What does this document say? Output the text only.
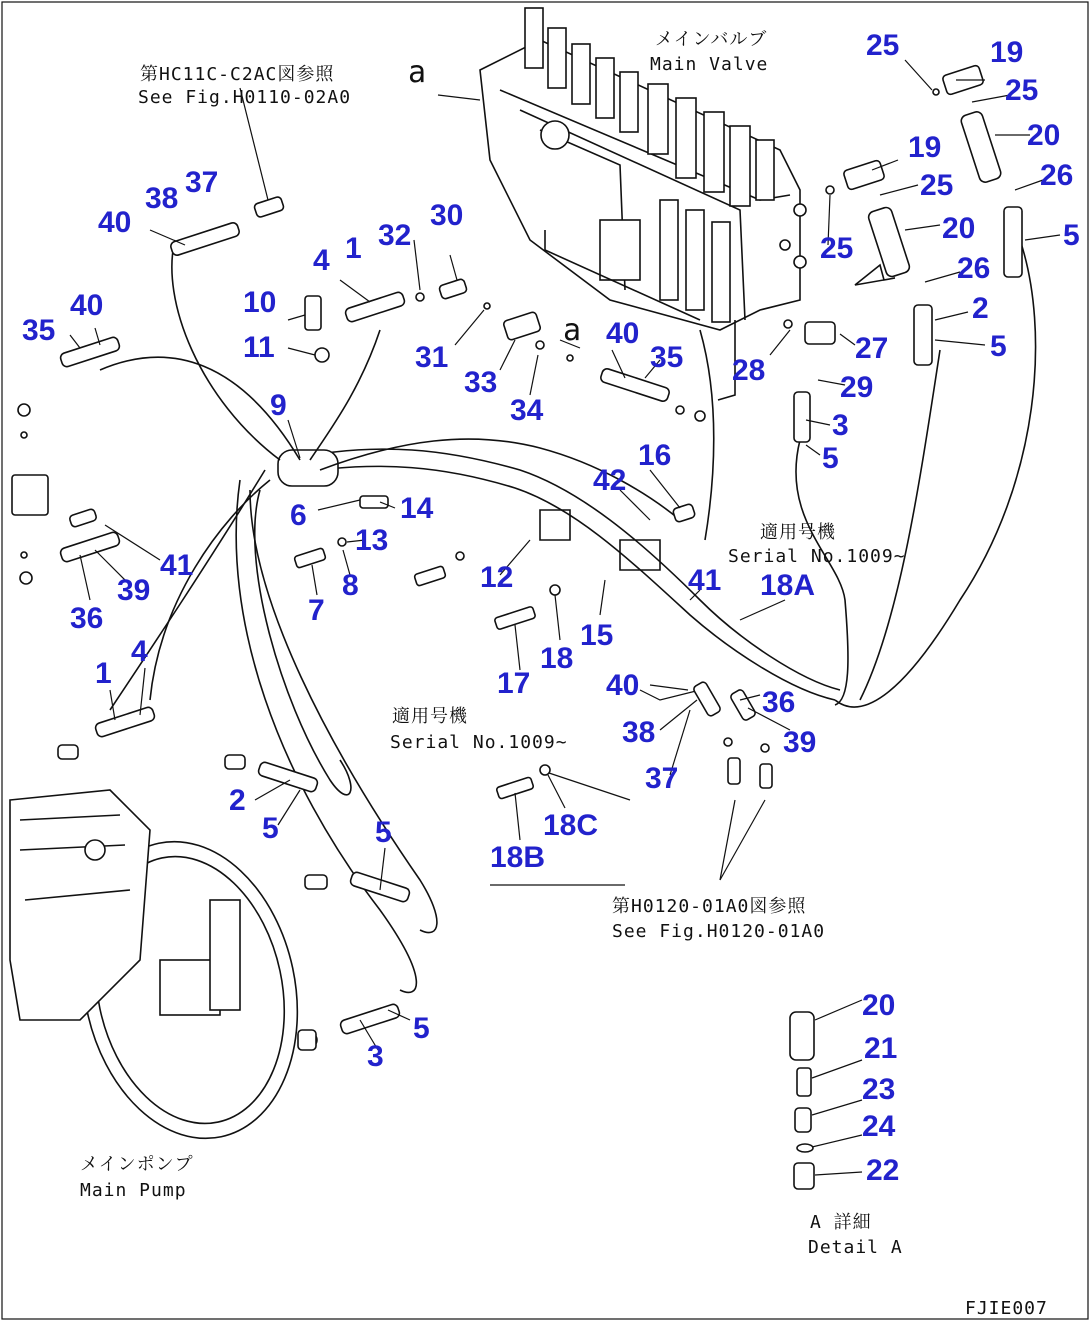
25	19
25
20
19
25	26
5
20
25
26
2
5
27
28
29
3
5
40
38 37
4 1 32
30
10
11	31
33
34
40
35
35
40
9
6	14
13
16
42
41
39
36	7
8	12	41 18A
17
18
15
40
36
39
38
37
1
4
2
5	5	18C
18B
5
3
20
21
23
24
22
a
a
第HC11C-C2AC図参照
See Fig.H0110-02A0
メインバルブ
Main Valve
適用号機
Serial No.1009~
適用号機
Serial No.1009~
第H0120-01A0図参照
See Fig.H0120-01A0
メインポンプ
Main Pump
A 詳細
Detail A
FJIE007
